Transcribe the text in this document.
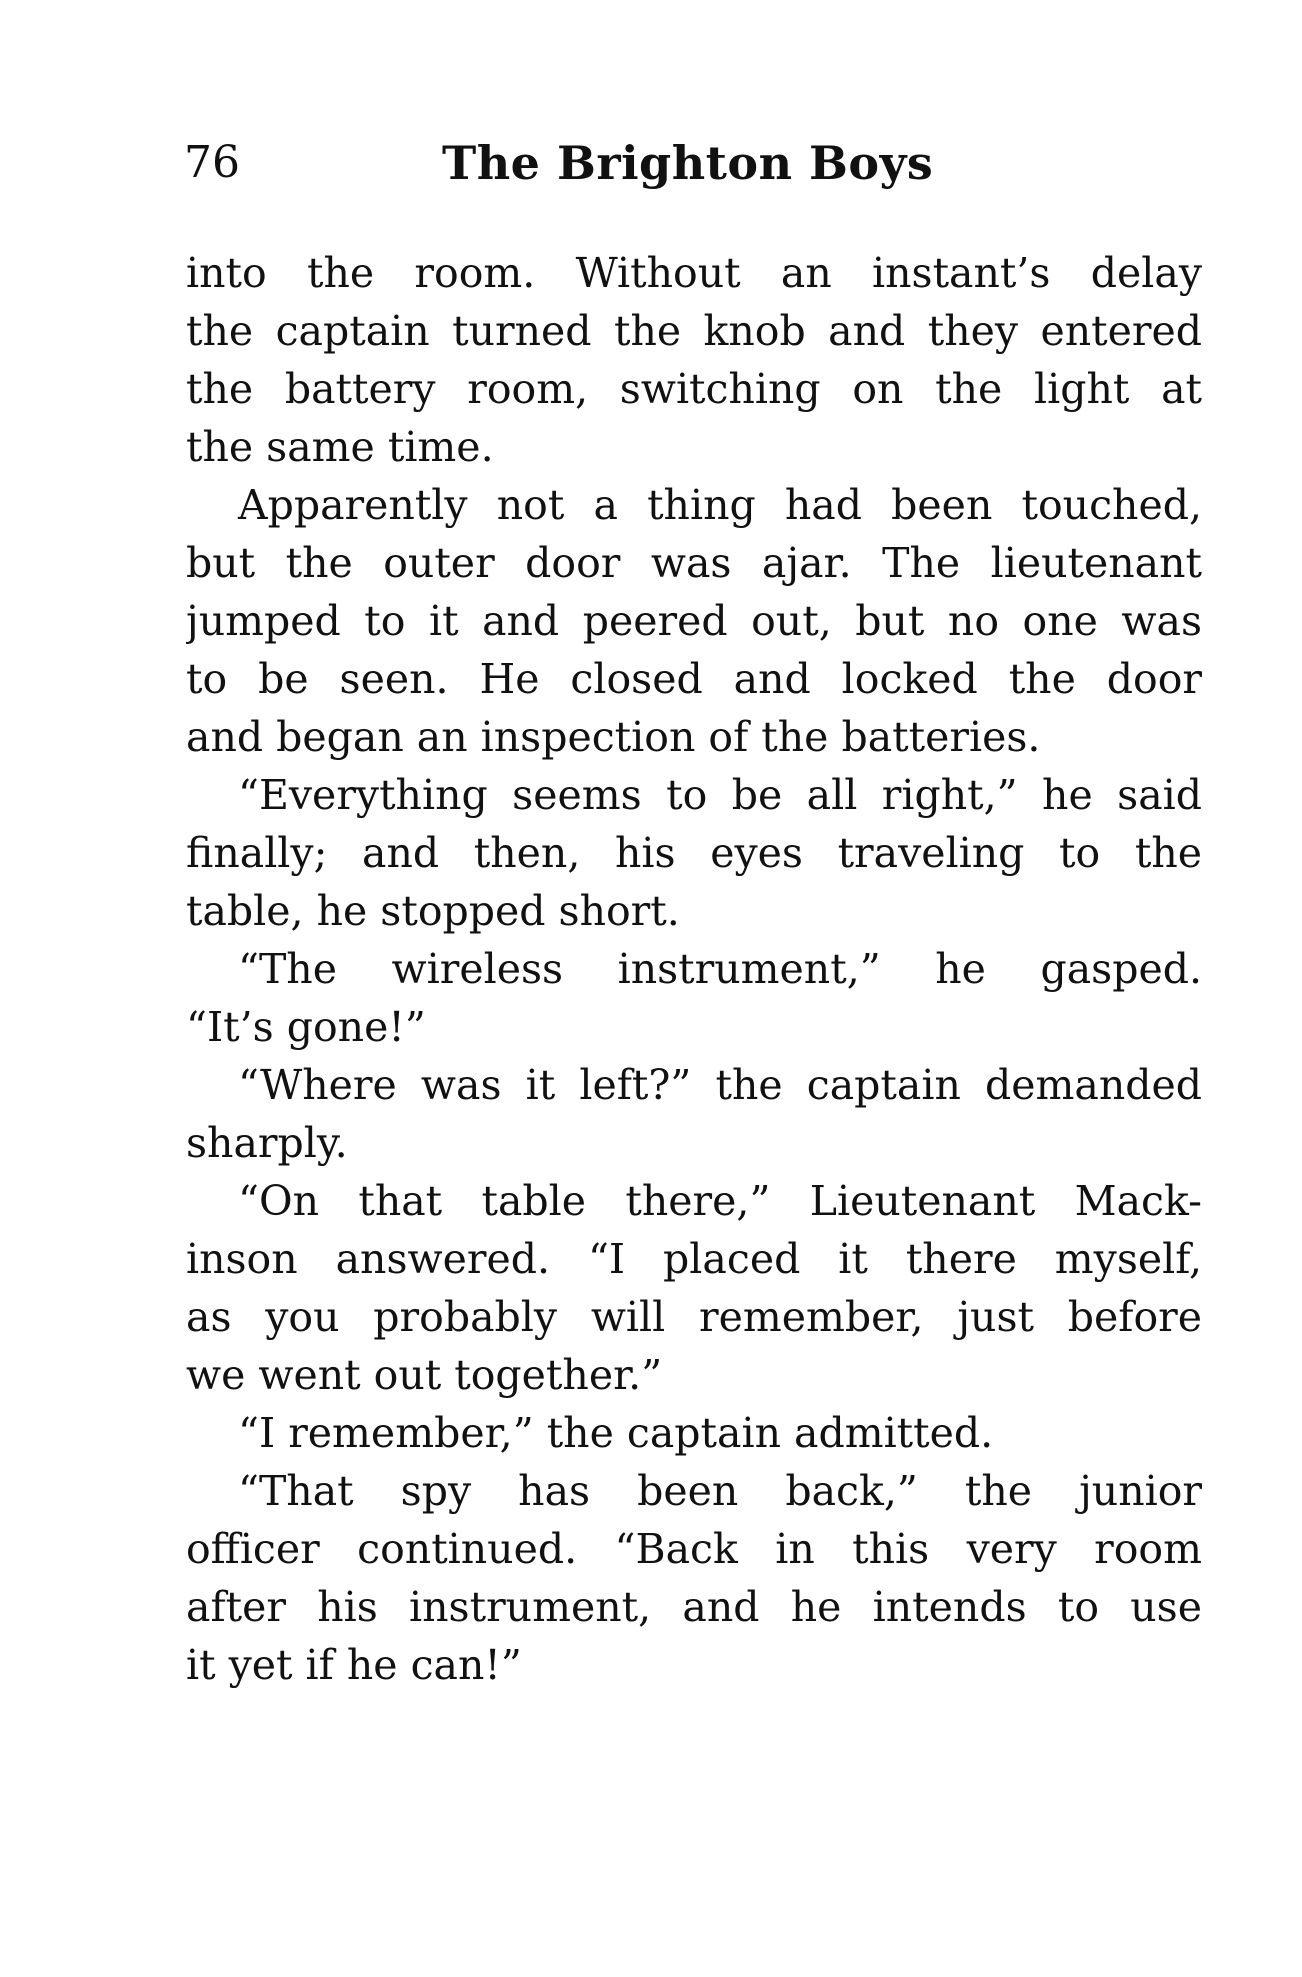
76	The Brighton Boys
into the room. Without an instant’s delay
the captain turned the knob and they entered
the battery room, switching on the light at
the same time.
Apparently not a thing had been touched,
but the outer door was ajar. The lieutenant
jumped to it and peered out, but no one was
to be seen. He closed and locked the door
and began an inspection of the batteries.
“Everything seems to be all right,” he said
finally; and then, his eyes traveling to the
table, he stopped short.
“The wireless instrument,” he gasped.
“It’s gone!”
“Where was it left?” the captain demanded
sharply.
“On that table there,” Lieutenant Mack-
inson answered. “I placed it there myself,
as you probably will remember, just before
we went out together.”
“I remember,” the captain admitted.
“That spy has been back,” the junior
officer continued. “Back in this very room
after his instrument, and he intends to use
it yet if he can!”
